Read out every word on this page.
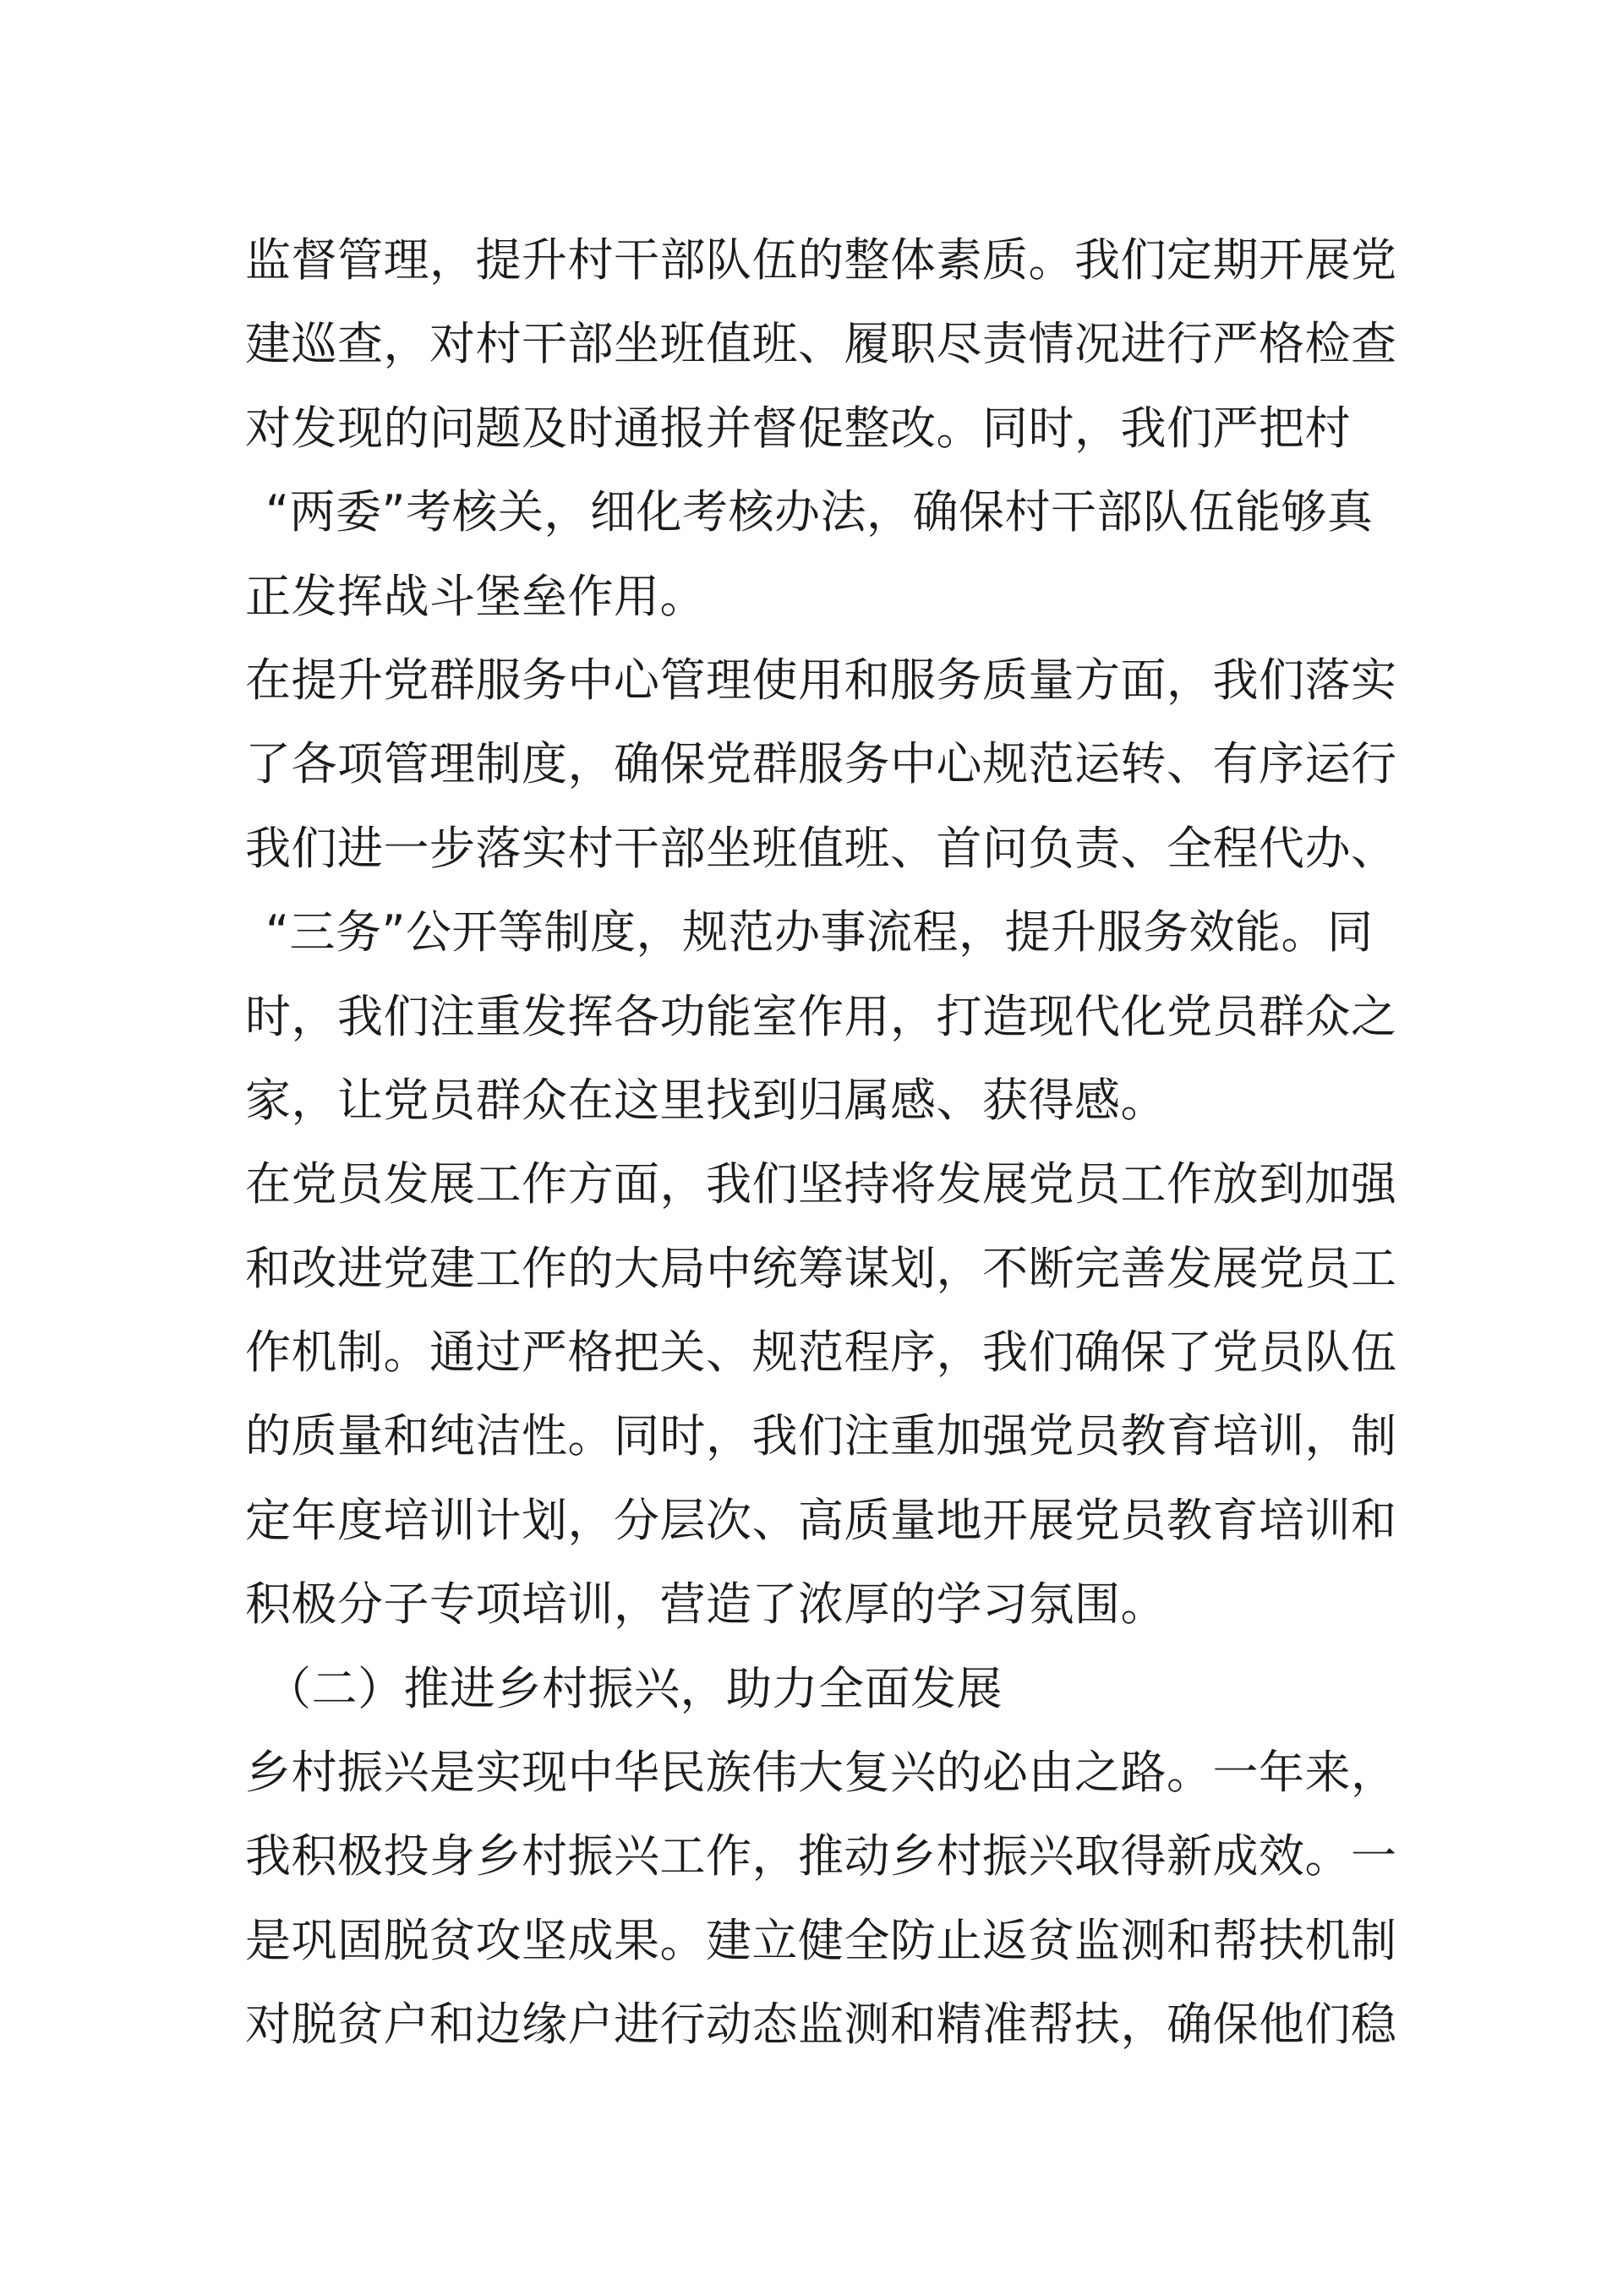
监督管理，提升村干部队伍的整体素质。我们定期开展党
建巡查，对村干部坐班值班、履职尽责情况进行严格检查
对发现的问题及时通报并督促整改。同时，我们严把村
“两委”考核关，细化考核办法，确保村干部队伍能够真
正发挥战斗堡垒作用。
在提升党群服务中心管理使用和服务质量方面，我们落实
了各项管理制度，确保党群服务中心规范运转、有序运行
我们进一步落实村干部坐班值班、首问负责、全程代办、
“三务”公开等制度，规范办事流程，提升服务效能。同
时，我们注重发挥各功能室作用，打造现代化党员群众之
家，让党员群众在这里找到归属感、获得感。
在党员发展工作方面，我们坚持将发展党员工作放到加强
和改进党建工作的大局中统筹谋划，不断完善发展党员工
作机制。通过严格把关、规范程序，我们确保了党员队伍
的质量和纯洁性。同时，我们注重加强党员教育培训，制
定年度培训计划，分层次、高质量地开展党员教育培训和
积极分子专项培训，营造了浓厚的学习氛围。
（二）推进乡村振兴，助力全面发展
乡村振兴是实现中华民族伟大复兴的必由之路。一年来，
我积极投身乡村振兴工作，推动乡村振兴取得新成效。一
是巩固脱贫攻坚成果。建立健全防止返贫监测和帮扶机制
对脱贫户和边缘户进行动态监测和精准帮扶，确保他们稳
